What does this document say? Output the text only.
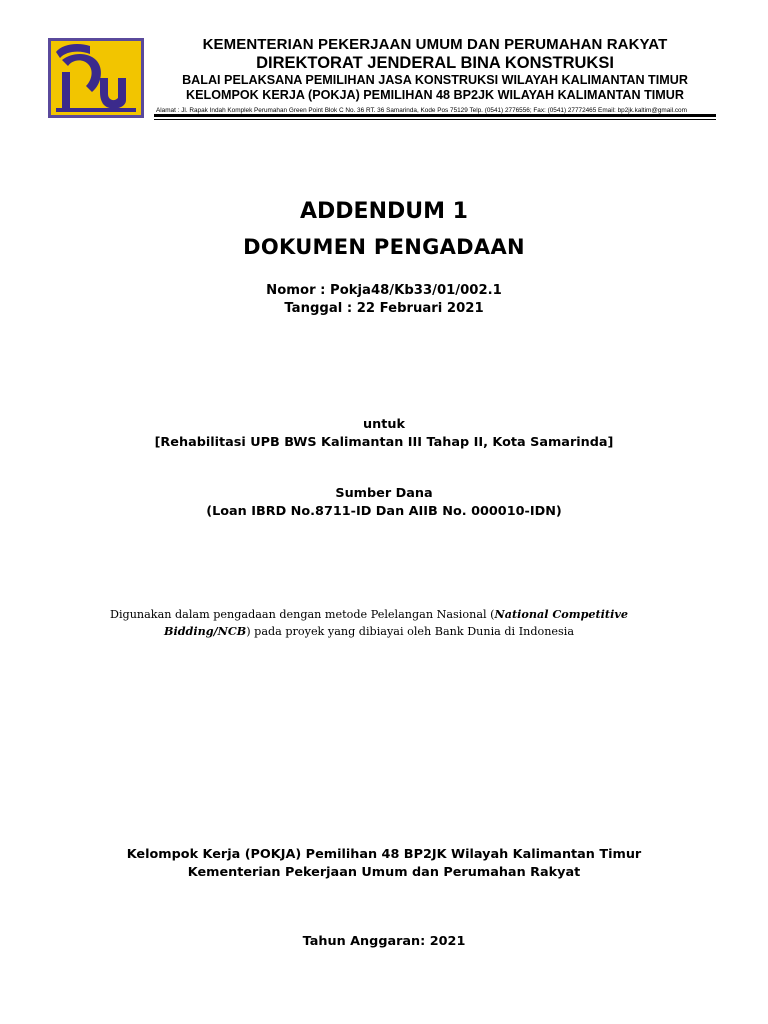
KEMENTERIAN PEKERJAAN UMUM DAN PERUMAHAN RAKYAT
DIREKTORAT JENDERAL BINA KONSTRUKSI
BALAI PELAKSANA PEMILIHAN JASA KONSTRUKSI WILAYAH KALIMANTAN TIMUR
KELOMPOK KERJA (POKJA) PEMILIHAN 48 BP2JK WILAYAH KALIMANTAN TIMUR
Alamat : Jl. Rapak Indah Komplek Perumahan Green Point Blok C No. 36 RT. 36 Samarinda, Kode Pos 75129 Telp. (0541) 2776556; Fax: (0541) 27772465 Email: bp2jk.kaltim@gmail.com
ADDENDUM 1
DOKUMEN PENGADAAN
Nomor : Pokja48/Kb33/01/002.1
Tanggal : 22 Februari 2021
untuk
[Rehabilitasi UPB BWS Kalimantan III Tahap II, Kota Samarinda]
Sumber Dana
(Loan IBRD No.8711-ID Dan AIIB No. 000010-IDN)
Digunakan dalam pengadaan dengan metode Pelelangan Nasional (National Competitive
Bidding/NCB) pada proyek yang dibiayai oleh Bank Dunia di Indonesia
Kelompok Kerja (POKJA) Pemilihan 48 BP2JK Wilayah Kalimantan Timur
Kementerian Pekerjaan Umum dan Perumahan Rakyat
Tahun Anggaran: 2021
